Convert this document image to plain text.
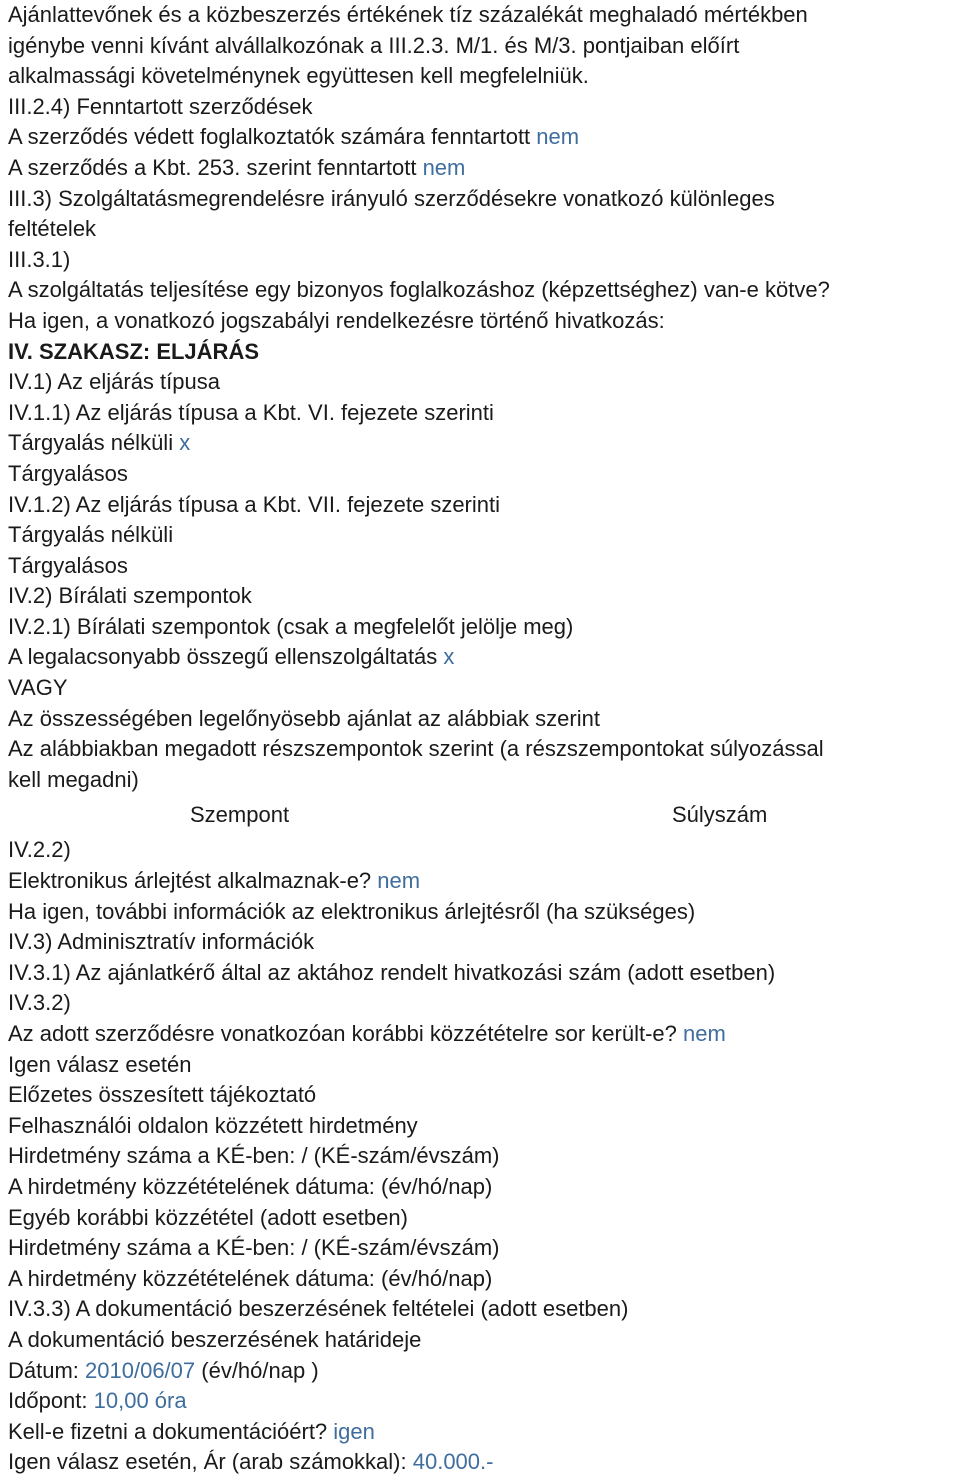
Ajánlattevőnek és a közbeszerzés értékének tíz százalékát meghaladó mértékben
igénybe venni kívánt alvállalkozónak a III.2.3. M/1. és M/3. pontjaiban előírt
alkalmassági követelménynek együttesen kell megfelelniük.
III.2.4) Fenntartott szerződések
A szerződés védett foglalkoztatók számára fenntartott nem
A szerződés a Kbt. 253. szerint fenntartott nem
III.3) Szolgáltatásmegrendelésre irányuló szerződésekre vonatkozó különleges
feltételek
III.3.1)
A szolgáltatás teljesítése egy bizonyos foglalkozáshoz (képzettséghez) van-e kötve?
Ha igen, a vonatkozó jogszabályi rendelkezésre történő hivatkozás:
IV. SZAKASZ: ELJÁRÁS
IV.1) Az eljárás típusa
IV.1.1) Az eljárás típusa a Kbt. VI. fejezete szerinti
Tárgyalás nélküli x
Tárgyalásos
IV.1.2) Az eljárás típusa a Kbt. VII. fejezete szerinti
Tárgyalás nélküli
Tárgyalásos
IV.2) Bírálati szempontok
IV.2.1) Bírálati szempontok (csak a megfelelőt jelölje meg)
A legalacsonyabb összegű ellenszolgáltatás x
VAGY
Az összességében legelőnyösebb ajánlat az alábbiak szerint
Az alábbiakban megadott részszempontok szerint (a részszempontokat súlyozással
kell megadni)
Szempont	Súlyszám
IV.2.2)
Elektronikus árlejtést alkalmaznak-e? nem
Ha igen, további információk az elektronikus árlejtésről (ha szükséges)
IV.3) Adminisztratív információk
IV.3.1) Az ajánlatkérő által az aktához rendelt hivatkozási szám (adott esetben)
IV.3.2)
Az adott szerződésre vonatkozóan korábbi közzétételre sor került-e? nem
Igen válasz esetén
Előzetes összesített tájékoztató
Felhasználói oldalon közzétett hirdetmény
Hirdetmény száma a KÉ-ben: / (KÉ-szám/évszám)
A hirdetmény közzétételének dátuma: (év/hó/nap)
Egyéb korábbi közzététel (adott esetben)
Hirdetmény száma a KÉ-ben: / (KÉ-szám/évszám)
A hirdetmény közzétételének dátuma: (év/hó/nap)
IV.3.3) A dokumentáció beszerzésének feltételei (adott esetben)
A dokumentáció beszerzésének határideje
Dátum: 2010/06/07 (év/hó/nap )
Időpont: 10,00 óra
Kell-e fizetni a dokumentációért? igen
Igen válasz esetén, Ár (arab számokkal): 40.000.-
